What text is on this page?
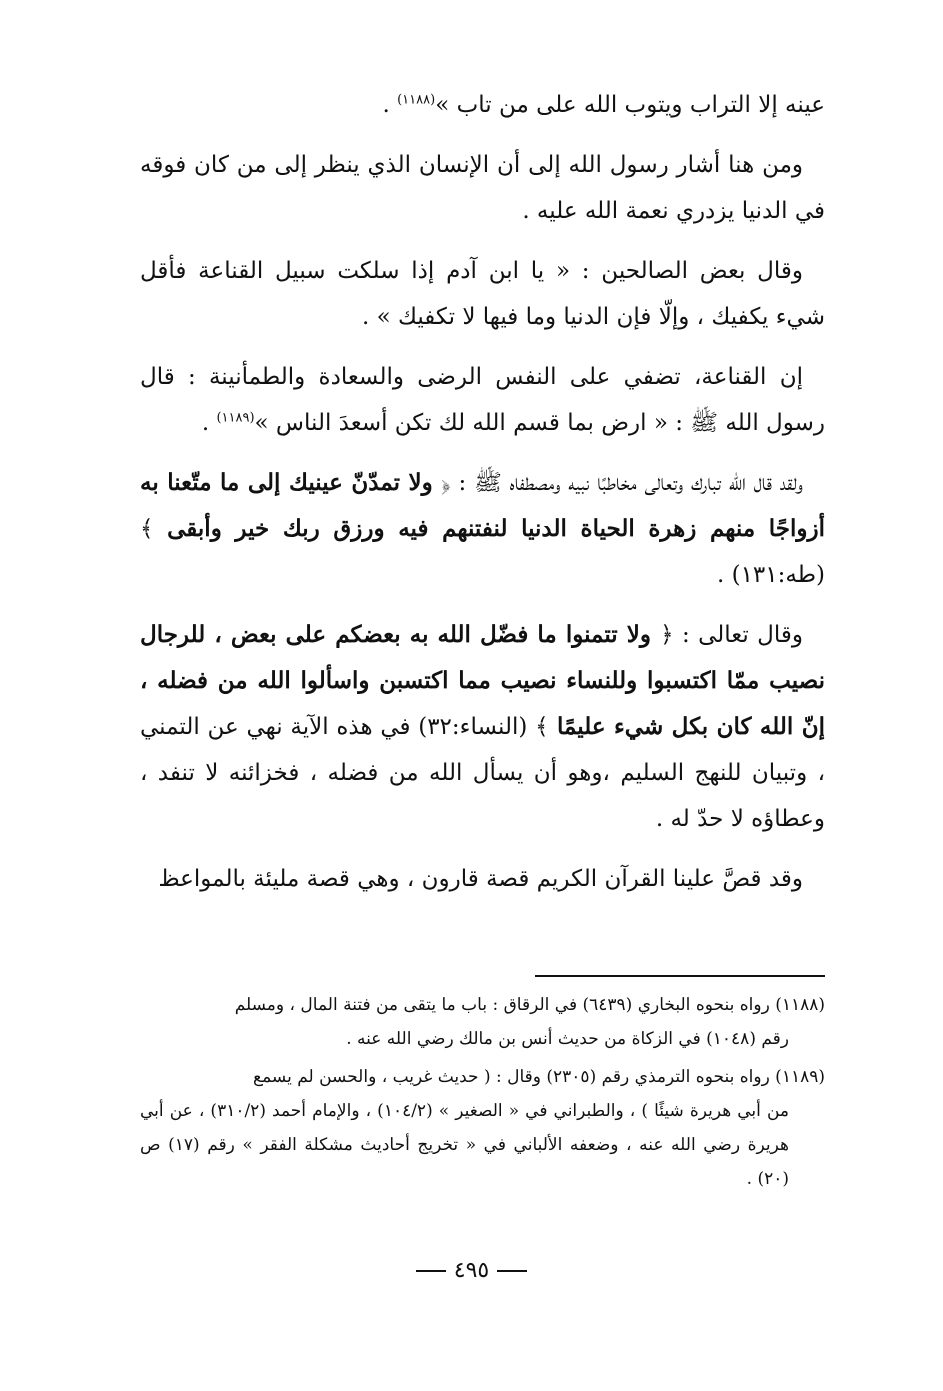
عينه إلا التراب ويتوب الله على من تاب »$^{(١١٨٨)}$ .

ومن هنا أشار رسول الله إلى أن الإنسان الذي ينظر إلى من كان فوقه في الدنيا يزدري نعمة الله عليه .

وقال بعض الصالحين : « يا ابن آدم إذا سلكت سبيل القناعة فأقل شيء يكفيك ، وإلّا فإن الدنيا وما فيها لا تكفيك » .

إن القناعة، تضفي على النفس الرضى والسعادة والطمأنينة : قال رسول الله ﷺ : « ارض بما قسم الله لك تكن أسعدَ الناس »$^{(١١٨٩)}$ .

ولقد قال الله تبارك وتعالى مخاطبًا نبيه ومصطفاه ﷺ : ﴿ ولا تمدّنّ عينيك إلى ما متّعنا به أزواجًا منهم زهرة الحياة الدنيا لنفتنهم فيه ورزق ربك خير وأبقى ﴾ (طه:١٣١) .

وقال تعالى : ﴿ ولا تتمنوا ما فضّل الله به بعضكم على بعض ، للرجال نصيب ممّا اكتسبوا وللنساء نصيب مما اكتسبن واسألوا الله من فضله ، إنّ الله كان بكل شيء عليمًا ﴾ (النساء:٣٢) في هذه الآية نهي عن التمني ، وتبيان للنهج السليم ،وهو أن يسأل الله من فضله ، فخزائنه لا تنفد ، وعطاؤه لا حدّ له .

وقد قصَّ علينا القرآن الكريم قصة قارون ، وهي قصة مليئة بالمواعظ

(١١٨٨) رواه بنحوه البخاري (٦٤٣٩) في الرقاق : باب ما يتقى من فتنة المال ، ومسلم
رقم (١٠٤٨) في الزكاة من حديث أنس بن مالك رضي الله عنه .

(١١٨٩) رواه بنحوه الترمذي رقم (٢٣٠٥) وقال : ( حديث غريب ، والحسن لم يسمع
من أبي هريرة شيئًا ) ، والطبراني في « الصغير » (١٠٤/٢) ، والإمام أحمد (٣١٠/٢) ، عن أبي هريرة رضي الله عنه ، وضعفه الألباني في « تخريج أحاديث مشكلة الفقر » رقم (١٧) ص (٢٠) .

٤٩٥
